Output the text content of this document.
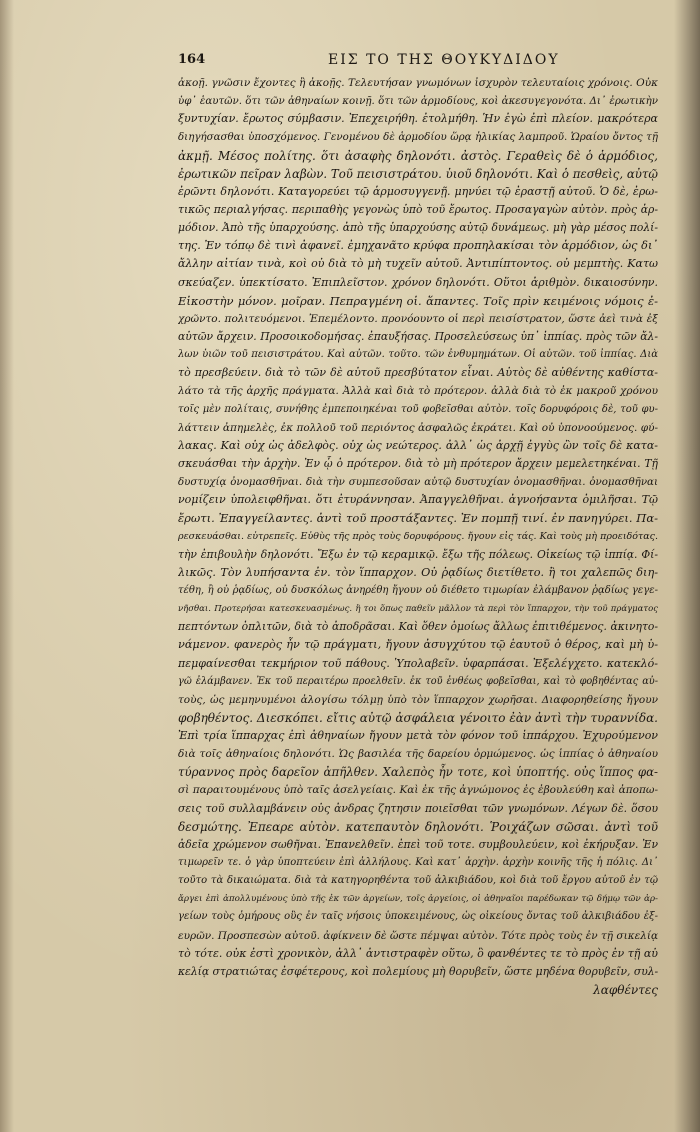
164	ΕΙΣ ΤΟ ΤΗΣ ΘΟΥΚΥΔΙΔΟΥ
ἀκοῇ. γνῶσιν ἔχοντες ἢ ἀκοῇς. Τελευτήσαν γνωμόνων ἰσχυρὸν τελευταίοις χρόνοις. Οὐκ
ὑφ᾽ ἑαυτῶν. ὅτι τῶν ἀθηναίων κοινῇ. ὅτι τῶν ἁρμοδίους, κοὶ ἀκεσυγεγονότα. Δι᾽ ἐρωτικὴν
ξυντυχίαν. ἔρωτος σύμβασιν. Ἐπεχειρήθη. ἐτολμήθη. Ἡν ἐγὼ ἐπὶ πλείον. μακρότερα
διηγήσασθαι ὑποσχόμενος. Γενομένου δὲ ἁρμοδίου ὥρᾳ ἡλικίας λαμπροῦ. Ὡραίου ὄντος τῇ
ἀκμῇ. Μέσος πολίτης. ὅτι ἀσαφὴς δηλονότι. ἀστὸς. Γεραθεὶς δὲ ὁ ἁρμόδιος,
ἐρωτικῶν πεῖραν λαβὼν. Τοῦ πεισιστράτου. ὑιοῦ δηλονότι. Καὶ ὁ πεσθεὶς, αὐτῷ
ἐρῶντι δηλονότι. Καταγορεύει τῷ ἁρμοσυγγενῇ. μηνύει τῷ ἐραστῇ αὐτοῦ. Ὁ δὲ, ἐρω-
τικῶς περιαλγήσας. περιπαθὴς γεγονὼς ὑπὸ τοῦ ἔρωτος. Προσαγαγὼν αὐτὸν. πρὸς ἁρ-
μόδιον. Ἀπὸ τῆς ὑπαρχούσης. ἀπὸ τῆς ὑπαρχούσης αὐτῷ δυνάμεως. μὴ γὰρ μέσος πολί-
της. Ἐν τόπῳ δὲ τινὶ ἀφανεῖ. ἐμηχανᾶτο κρύφα προπηλακίσαι τὸν ἁρμόδιον, ὡς δι᾽
ἄλλην αἰτίαν τινὰ, κοὶ οὐ διὰ τὸ μὴ τυχεῖν αὐτοῦ. Ἀντιπίπτοντος. οὐ μεμπτὴς. Κατω
σκεύαζεν. ὑπεκτίσατο. Ἐπιπλεῖστον. χρόνον δηλονότι. Οὕτοι ἀριθμὸν. δικαιοσύνην.
Εἰκοστὴν μόνον. μοῖραν. Πεπραγμένη οἱ. ἅπαντες. Τοῖς πρὶν κειμένοις νόμοις ἐ-
χρῶντο. πολιτευόμενοι. Ἐπεμέλοντο. προνόουντο οἱ περὶ πεισίστρατον, ὥστε ἀεὶ τινὰ ἐξ
αὐτῶν ἄρχειν. Προσοικοδομήσας. ἐπαυξήσας. Προσελεύσεως ὑπ᾽ ἰππίας. πρὸς τῶν ἄλ-
λων ὑιῶν τοῦ πεισιστράτου. Καὶ αὐτῶν. τοῦτο. τῶν ἐνθυμημάτων. Οἱ αὐτῶν. τοῦ ἰππίας. Διὰ
τὸ πρεσβεύειν. διὰ τὸ τῶν δὲ αὐτοῦ πρεσβύτατον εἶναι. Αὐτὸς δὲ αὐθέντης καθίστα-
λάτο τὰ τῆς ἀρχῆς πράγματα. Ἀλλὰ καὶ διὰ τὸ πρότερον. ἀλλὰ διὰ τὸ ἐκ μακροῦ χρόνου
τοῖς μὲν πολίταις, συνήθης ἐμπεποιηκέναι τοῦ φοβεῖσθαι αὐτὸν. τοῖς δορυφόροις δὲ, τοῦ φυ-
λάττειν ἀπημελὲς, ἐκ πολλοῦ τοῦ περιόντος ἀσφαλῶς ἐκράτει. Καὶ οὐ ὑπονοούμενος. φύ-
λακας. Καὶ οὐχ ὡς ἀδελφὸς. οὐχ ὡς νεώτερος. ἀλλ᾽ ὡς ἀρχῇ ἐγγὺς ὢν τοῖς δὲ κατα-
σκευάσθαι τὴν ἀρχὴν. Ἐν ᾧ ὁ πρότερον. διὰ τὸ μὴ πρότερον ἄρχειν μεμελετηκέναι. Τῇ
δυστυχίᾳ ὀνομασθῆναι. διὰ τὴν συμπεσοῦσαν αὐτῷ δυστυχίαν ὀνομασθῆναι. ὀνομασθῆναι
νομίζειν ὑπολειφθῆναι. ὅτι ἐτυράννησαν. Ἀπαγγελθῆναι. ἀγνοήσαντα ὁμιλῆσαι. Τῷ
ἔρωτι. Ἐπαγγείλαντες. ἀντὶ τοῦ προστάξαντες. Ἐν πομπῇ τινί. ἐν πανηγύρει. Πα-
ρεσκευάσθαι. εὐτρεπεῖς. Εὐθὺς τῆς πρὸς τοὺς δορυφόρους. ἤγουν εἰς τάς. Καὶ τοὺς μὴ προειδότας.
τὴν ἐπιβουλὴν δηλονότι. Ἔξω ἐν τῷ κεραμικῷ. ἔξω τῆς πόλεως. Οἰκείως τῷ ἱππίᾳ. Φί-
λικῶς. Τὸν λυπήσαντα ἐν. τὸν ἵππαρχον. Οὐ ῥᾳδίως διετίθετο. ἢ τοι χαλεπῶς διη-
τέθη, ἢ οὐ ῥᾳδίως, οὐ δυσκόλως ἀνηρέθη ἤγουν οὐ διέθετο τιμωρίαν ἐλάμβανον ῥᾳδίως γεγε-
νῆσθαι. Προτερήσαι κατεσκευασμένως. ἢ τοι ὅπως παθεῖν μᾶλλον τὰ περὶ τὸν ἵππαρχον, τὴν τοῦ πράγματος
πεπτόντων ὁπλιτῶν, διὰ τὸ ἀποδρᾶσαι. Καὶ ὅθεν ὁμοίως ἄλλως ἐπιτιθέμενος. ἀκινητο-
νάμενον. φανερὸς ἦν τῷ πράγματι, ἤγουν ἀσυγχύτου τῷ ἑαυτοῦ ὁ θέρος, καὶ μὴ ὑ-
πεμφαίνεσθαι τεκμήριον τοῦ πάθους. Ὑπολαβεῖν. ὑφαρπάσαι. Ἐξελέγχετο. κατεκλό-
γῶ ἐλάμβανεν. Ἐκ τοῦ περαιτέρω προελθεῖν. ἐκ τοῦ ἐνθέως φοβεῖσθαι, καὶ τὸ φοβηθέντας αὐ-
τοὺς, ὡς μεμηνυμένοι ἀλογίσω τόλμῃ ὑπὸ τὸν ἵππαρχον χωρῆσαι. Διαφορηθείσης ἤγουν
φοβηθέντος. Διεσκόπει. εἴτις αὐτῷ ἀσφάλεια γένοιτο ἐὰν ἀντὶ τὴν τυραννίδα.
Ἐπὶ τρία ἵππαρχας ἐπὶ ἀθηναίων ἤγουν μετὰ τὸν φόνον τοῦ ἱππάρχου. Ἐχυρούμενον
διὰ τοῖς ἀθηναίοις δηλονότι. Ὡς βασιλέα τῆς δαρείου ὁρμώμενος. ὡς ἱππίας ὁ ἀθηναίου
τύραννος πρὸς δαρεῖον ἀπῆλθεν. Χαλεπὸς ἦν τοτε, κοὶ ὑποπτής. οὐς ἵππος φα-
σὶ παραιτουμένους ὑπὸ ταῖς ἀσελγείαις. Καὶ ἐκ τῆς ἀγνώμονος ἐς ἐβουλεύθη καὶ ἀποπω-
σεις τοῦ συλλαμβάνειν οὐς ἀνδρας ζητησιν ποιεῖσθαι τῶν γνωμόνων. Λέγων δὲ. ὅσου
δεσμώτης. Ἐπεαρε αὐτὸν. κατεπαυτὸν δηλονότι. Ῥοιχάζων σῶσαι. ἀντὶ τοῦ
ἀδεῖα χρώμενον σωθῆναι. Ἐπανελθεῖν. ἐπεὶ τοῦ τοτε. συμβουλεύειν, κοὶ ἐκήρυξαν. Ἐν
τιμωρεῖν τε. ὁ γὰρ ὑποπτεύειν ἐπὶ ἀλλήλους. Καὶ κατ᾽ ἀρχὴν. ἀρχὴν κοινῆς τῆς ἡ πόλις. Δι᾽
τοῦτο τὰ δικαιώματα. διὰ τὰ κατηγορηθέντα τοῦ ἀλκιβιάδου, κοὶ διὰ τοῦ ἔργου αὐτοῦ ἐν τῷ
ἄργει ἐπὶ ἀπολλυμένους ὑπὸ τῆς ἐκ τῶν ἀργείων, τοῖς ἀργείοις, οἱ ἀθηναῖοι παρέδωκαν τῷ δήμῳ τῶν ἀρ-
γείων τοὺς ὁμήρους οὓς ἐν ταῖς νήσοις ὑποκειμένους, ὡς οἰκείους ὄντας τοῦ ἀλκιβιάδου ἐξ-
ευρῶν. Προσπεσὼν αὐτοῦ. ἀφίκνειν δὲ ὥστε πέμψαι αὐτὸν. Τότε πρὸς τοὺς ἐν τῇ σικελίᾳ
τὸ τότε. οὐκ ἐστὶ χρονικὸν, ἀλλ᾽ ἀντιστραφὲν οὕτω, ὃ φανθέντες τε τὸ πρὸς ἐν τῇ αὐ
κελίᾳ στρατιώτας ἐσφέτερους, κοὶ πολεμίους μὴ θορυβεῖν, ὥστε μηδένα θορυβεῖν, συλ-
λαφθέντες
